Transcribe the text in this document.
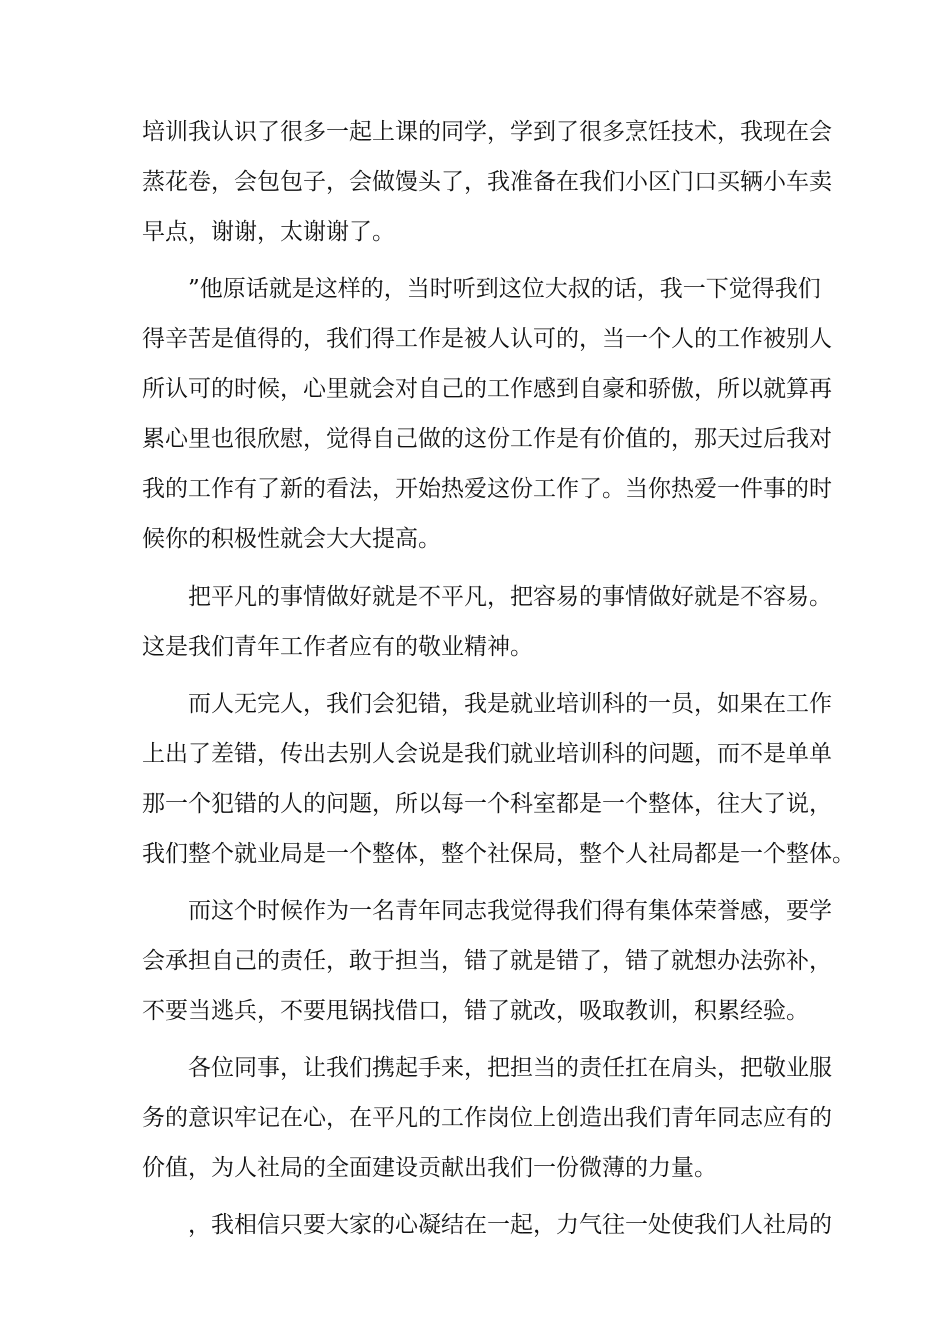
培训我认识了很多一起上课的同学，学到了很多烹饪技术，我现在会
蒸花卷，会包包子，会做馒头了，我准备在我们小区门口买辆小车卖
早点，谢谢，太谢谢了。
　　”他原话就是这样的，当时听到这位大叔的话，我一下觉得我们
得辛苦是值得的，我们得工作是被人认可的，当一个人的工作被别人
所认可的时候，心里就会对自己的工作感到自豪和骄傲，所以就算再
累心里也很欣慰，觉得自己做的这份工作是有价值的，那天过后我对
我的工作有了新的看法，开始热爱这份工作了。当你热爱一件事的时
候你的积极性就会大大提高。
　　把平凡的事情做好就是不平凡，把容易的事情做好就是不容易。
这是我们青年工作者应有的敬业精神。
　　而人无完人，我们会犯错，我是就业培训科的一员，如果在工作
上出了差错，传出去别人会说是我们就业培训科的问题，而不是单单
那一个犯错的人的问题，所以每一个科室都是一个整体，往大了说，
我们整个就业局是一个整体，整个社保局，整个人社局都是一个整体。
　　而这个时候作为一名青年同志我觉得我们得有集体荣誉感，要学
会承担自己的责任，敢于担当，错了就是错了，错了就想办法弥补，
不要当逃兵，不要甩锅找借口，错了就改，吸取教训，积累经验。
　　各位同事，让我们携起手来，把担当的责任扛在肩头，把敬业服
务的意识牢记在心，在平凡的工作岗位上创造出我们青年同志应有的
价值，为人社局的全面建设贡献出我们一份微薄的力量。
　　，我相信只要大家的心凝结在一起，力气往一处使我们人社局的
